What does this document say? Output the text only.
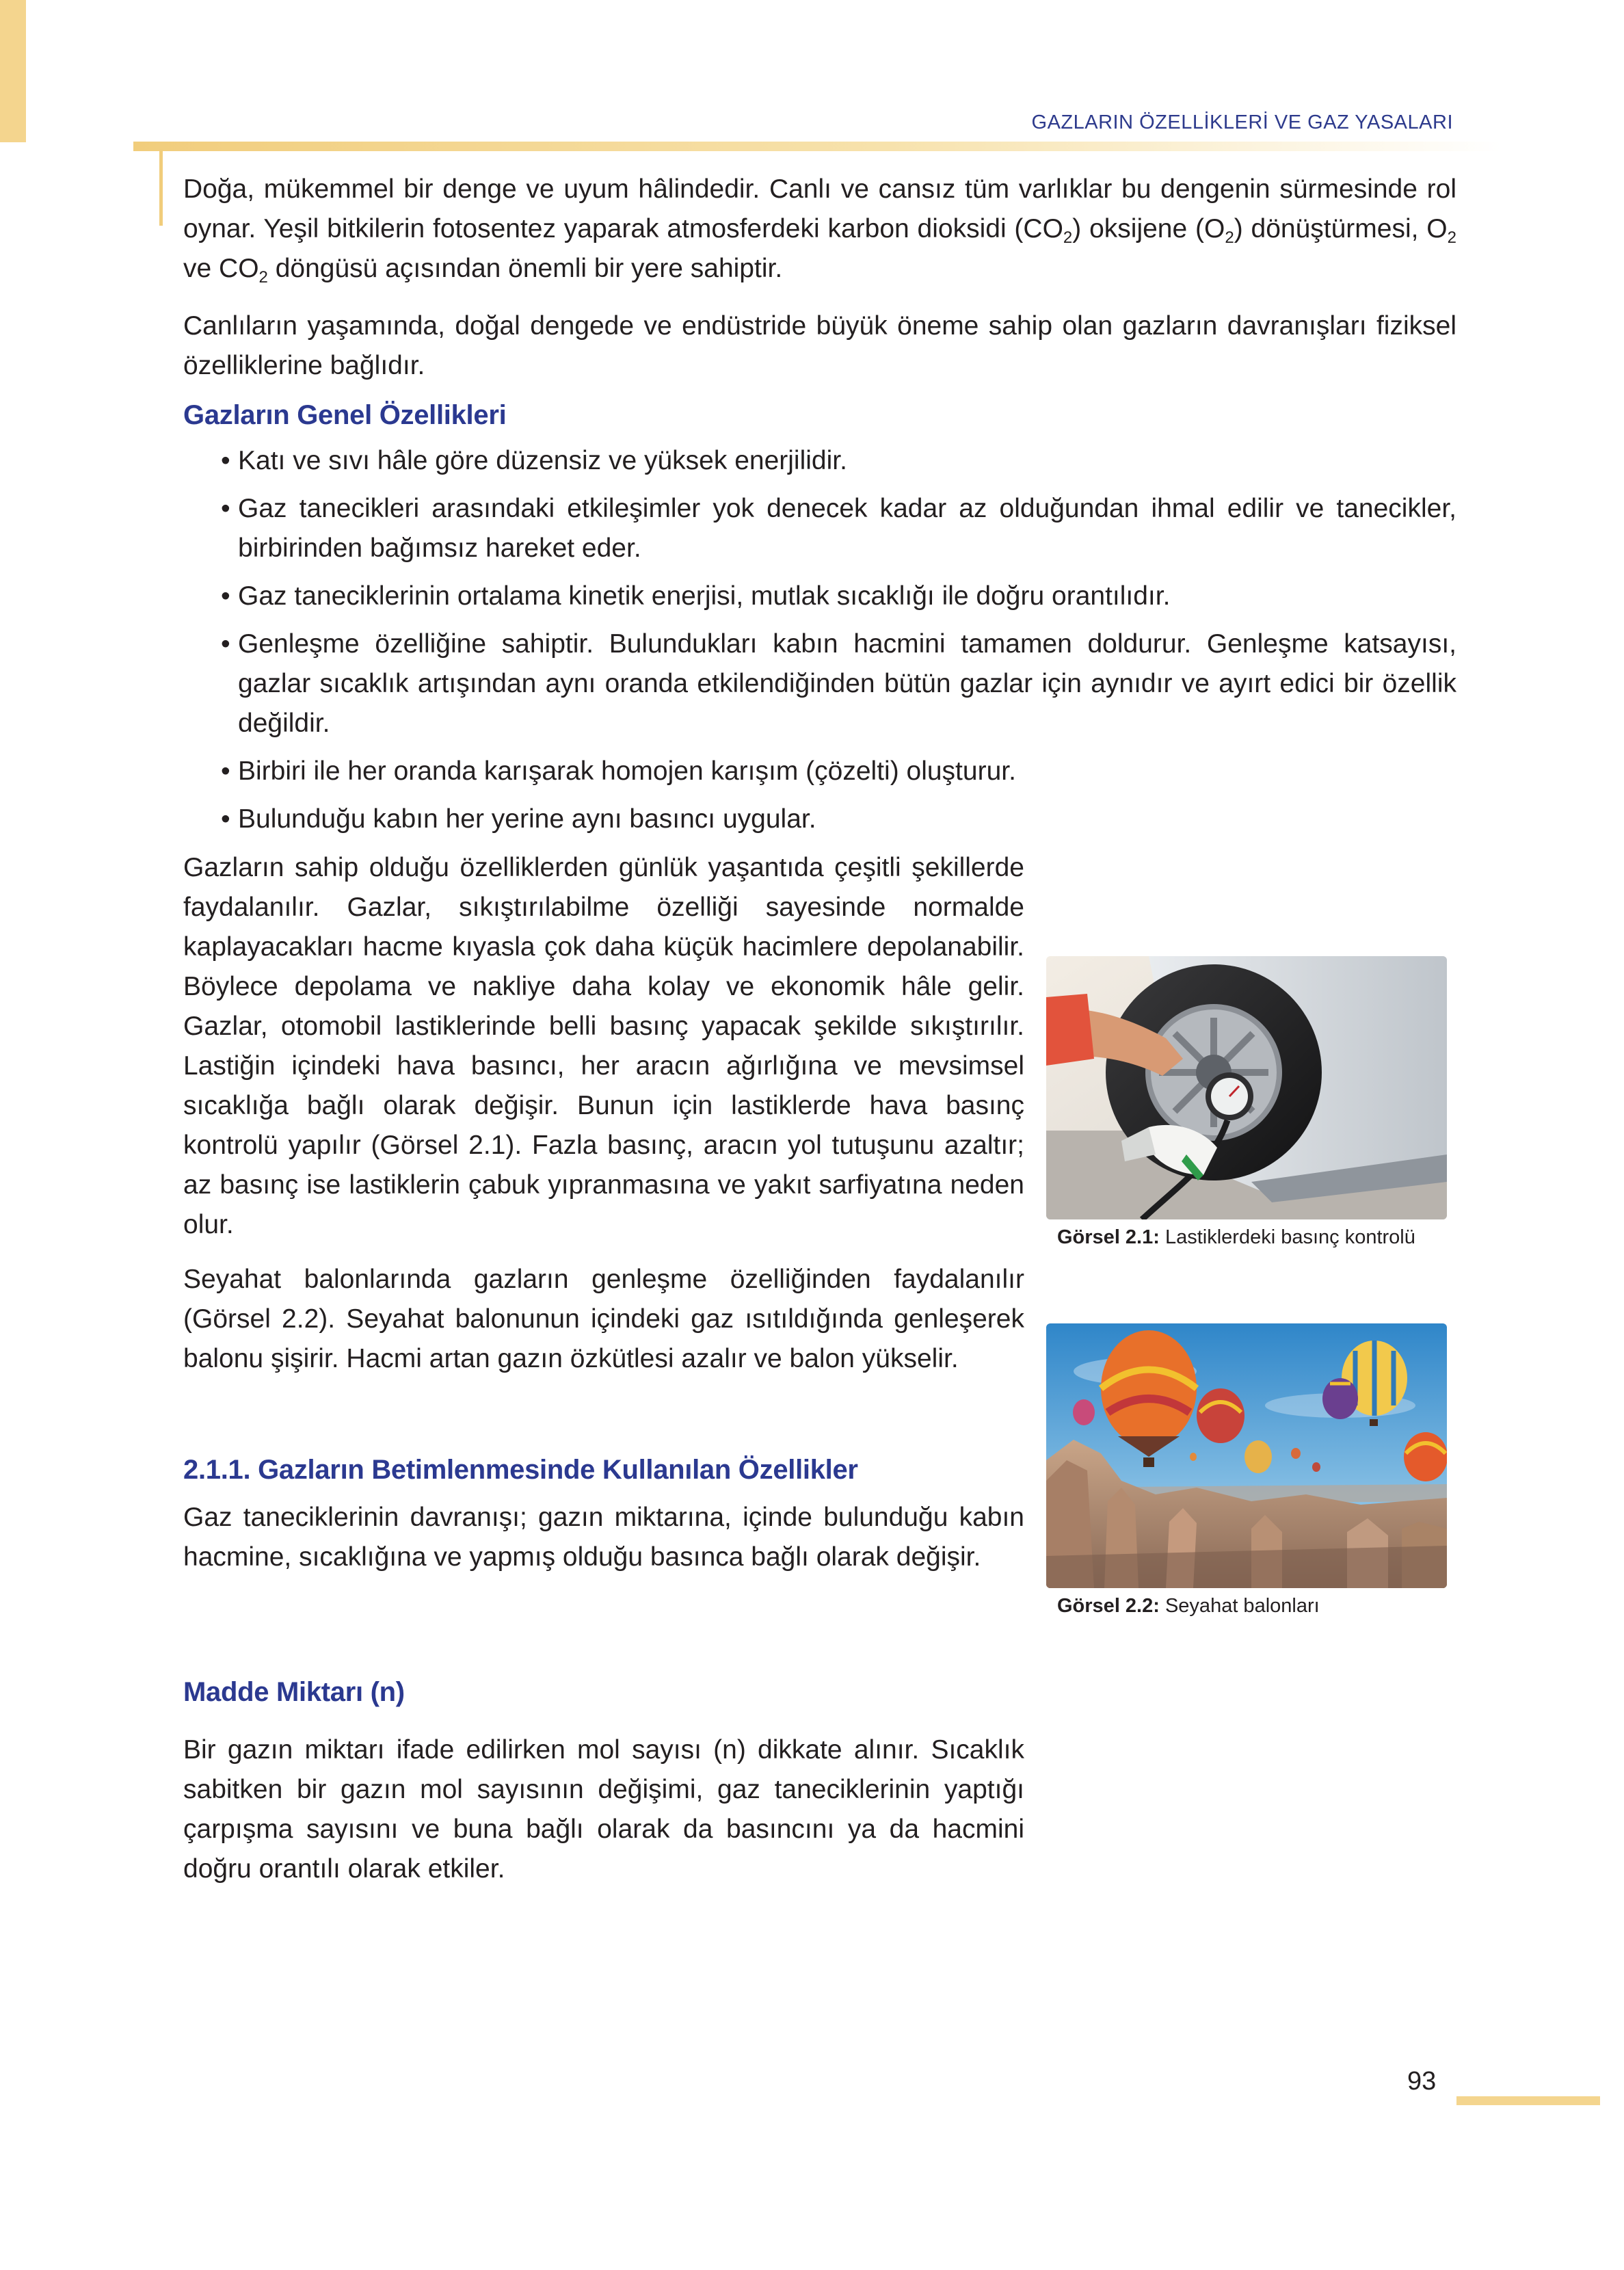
GAZLARIN ÖZELLİKLERİ VE GAZ YASALARI

Doğa, mükemmel bir denge ve uyum hâlindedir. Canlı ve cansız tüm varlıklar bu dengenin sürmesinde rol oynar. Yeşil bitkilerin fotosentez yaparak atmosferdeki karbon dioksidi $(CO_2)$ oksijene $(O_2)$ dönüştürmesi, $O_2$ ve $CO_2$ döngüsü açısından önemli bir yere sahiptir.

Canlıların yaşamında, doğal dengede ve endüstride büyük öneme sahip olan gazların davranışları fiziksel özelliklerine bağlıdır.

Gazların Genel Özellikleri
• Katı ve sıvı hâle göre düzensiz ve yüksek enerjilidir.
• Gaz tanecikleri arasındaki etkileşimler yok denecek kadar az olduğundan ihmal edilir ve tanecikler, birbirinden bağımsız hareket eder.
• Gaz taneciklerinin ortalama kinetik enerjisi, mutlak sıcaklığı ile doğru orantılıdır.
• Genleşme özelliğine sahiptir. Bulundukları kabın hacmini tamamen doldurur. Genleşme katsayısı, gazlar sıcaklık artışından aynı oranda etkilendiğinden bütün gazlar için aynıdır ve ayırt edici bir özellik değildir.
• Birbiri ile her oranda karışarak homojen karışım (çözelti) oluşturur.
• Bulunduğu kabın her yerine aynı basıncı uygular.

Gazların sahip olduğu özelliklerden günlük yaşantıda çeşitli şekillerde faydalanılır. Gazlar, sıkıştırılabilme özelliği sayesinde normalde kaplayacakları hacme kıyasla çok daha küçük hacimlere depolanabilir. Böylece depolama ve nakliye daha kolay ve ekonomik hâle gelir. Gazlar, otomobil lastiklerinde belli basınç yapacak şekilde sıkıştırılır. Lastiğin içindeki hava basıncı, her aracın ağırlığına ve mevsimsel sıcaklığa bağlı olarak değişir. Bunun için lastiklerde hava basınç kontrolü yapılır (Görsel 2.1). Fazla basınç, aracın yol tutuşunu azaltır; az basınç ise lastiklerin çabuk yıpranmasına ve yakıt sarfiyatına neden olur.

Seyahat balonlarında gazların genleşme özelliğinden faydalanılır (Görsel 2.2). Seyahat balonunun içindeki gaz ısıtıldığında genleşerek balonu şişirir. Hacmi artan gazın özkütlesi azalır ve balon yükselir.

2.1.1. Gazların Betimlenmesinde Kullanılan Özellikler

Gaz taneciklerinin davranışı; gazın miktarına, içinde bulunduğu kabın hacmine, sıcaklığına ve yapmış olduğu basınca bağlı olarak değişir.

Madde Miktarı (n)

Bir gazın miktarı ifade edilirken mol sayısı (n) dikkate alınır. Sıcaklık sabitken bir gazın mol sayısının değişimi, gaz taneciklerinin yaptığı çarpışma sayısını ve buna bağlı olarak da basıncını ya da hacmini doğru orantılı olarak etkiler.

Görsel 2.1: Lastiklerdeki basınç kontrolü
Görsel 2.2: Seyahat balonları
93
